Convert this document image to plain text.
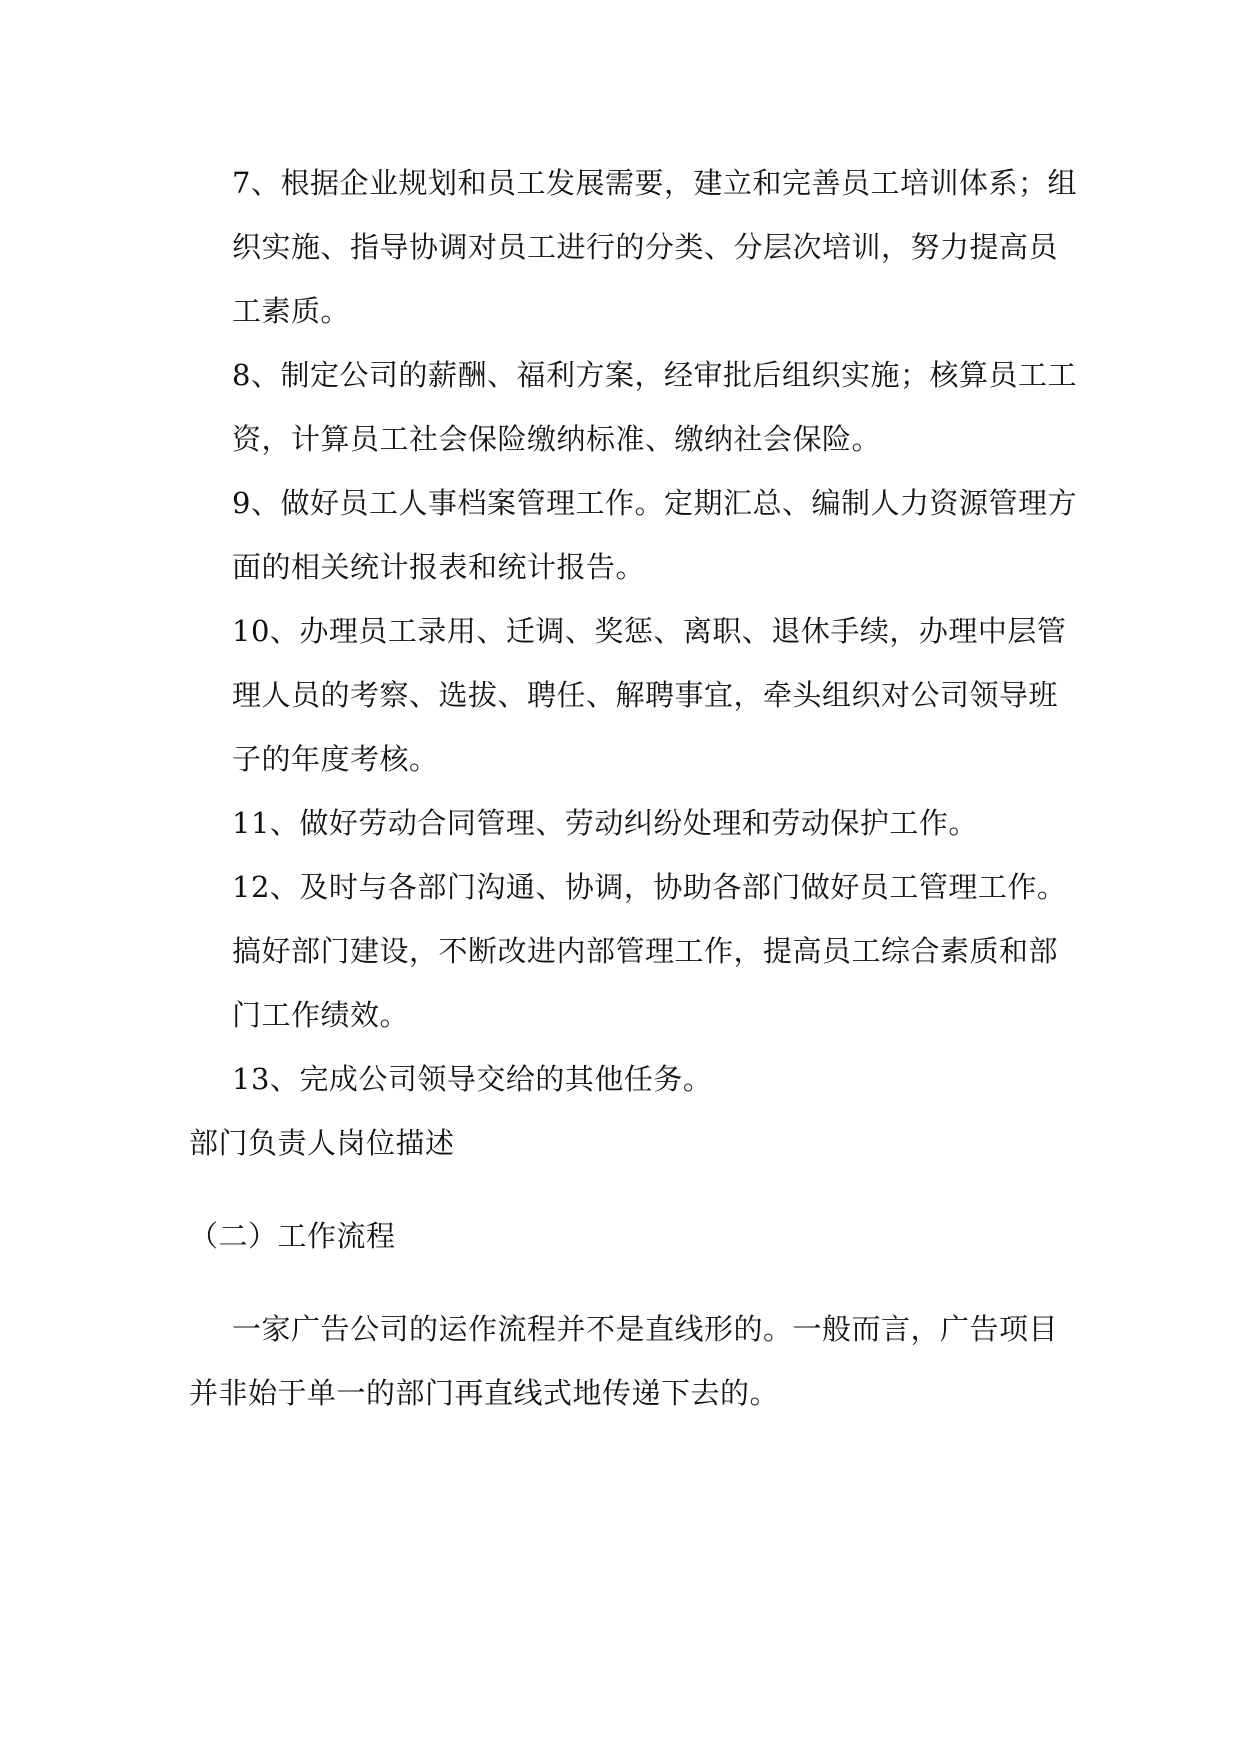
7、根据企业规划和员工发展需要，建立和完善员工培训体系；组
织实施、指导协调对员工进行的分类、分层次培训，努力提高员
工素质。
8、制定公司的薪酬、福利方案，经审批后组织实施；核算员工工
资，计算员工社会保险缴纳标准、缴纳社会保险。
9、做好员工人事档案管理工作。定期汇总、编制人力资源管理方
面的相关统计报表和统计报告。
10、办理员工录用、迁调、奖惩、离职、退休手续，办理中层管
理人员的考察、选拔、聘任、解聘事宜，牵头组织对公司领导班
子的年度考核。
11、做好劳动合同管理、劳动纠纷处理和劳动保护工作。
12、及时与各部门沟通、协调，协助各部门做好员工管理工作。
搞好部门建设，不断改进内部管理工作，提高员工综合素质和部
门工作绩效。
13、完成公司领导交给的其他任务。
部门负责人岗位描述
（二）工作流程
一家广告公司的运作流程并不是直线形的。一般而言，广告项目
并非始于单一的部门再直线式地传递下去的。
